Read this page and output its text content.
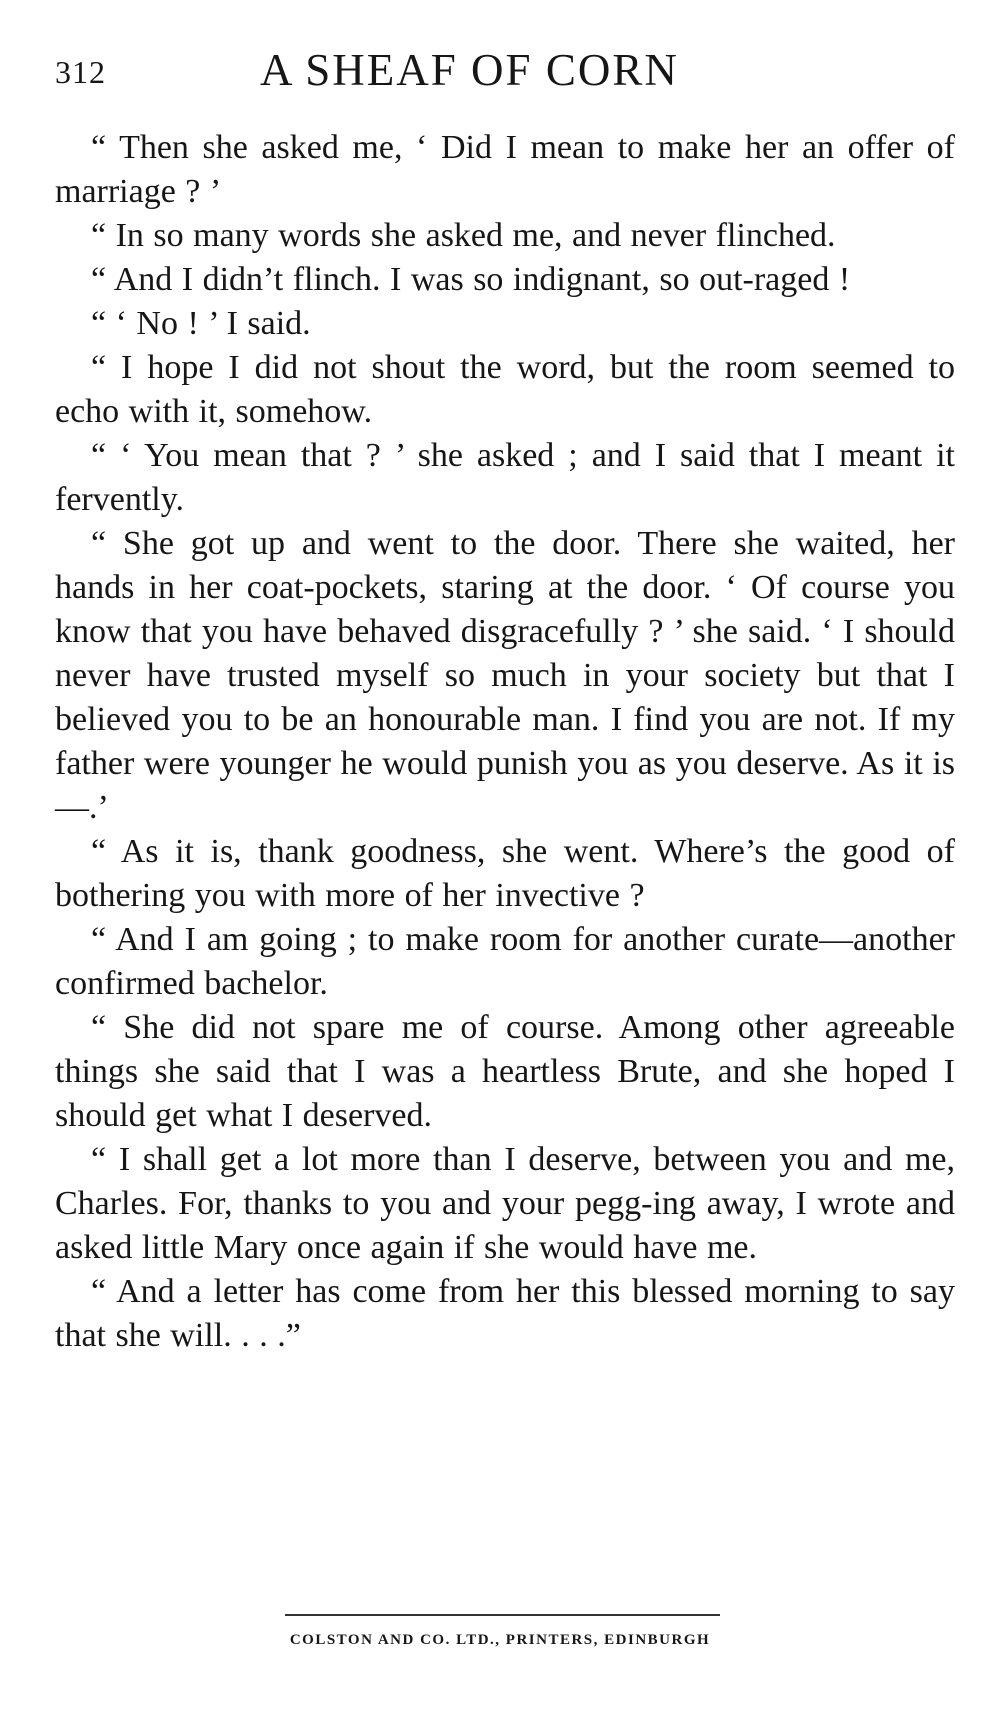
312	A SHEAF OF CORN

“ Then she asked me, ‘ Did I mean to make her an offer of marriage ? ’

“ In so many words she asked me, and never flinched.

“ And I didn’t flinch. I was so indignant, so out-raged !

“ ‘ No ! ’ I said.

“ I hope I did not shout the word, but the room seemed to echo with it, somehow.

“ ‘ You mean that ? ’ she asked ; and I said that I meant it fervently.

“ She got up and went to the door. There she waited, her hands in her coat-pockets, staring at the door. ‘ Of course you know that you have behaved disgracefully ? ’ she said. ‘ I should never have trusted myself so much in your society but that I believed you to be an honourable man. I find you are not. If my father were younger he would punish you as you deserve. As it is—.’

“ As it is, thank goodness, she went. Where’s the good of bothering you with more of her invective ?

“ And I am going ; to make room for another curate—another confirmed bachelor.

“ She did not spare me of course. Among other agreeable things she said that I was a heartless Brute, and she hoped I should get what I deserved.

“ I shall get a lot more than I deserve, between you and me, Charles. For, thanks to you and your pegg-ing away, I wrote and asked little Mary once again if she would have me.

“ And a letter has come from her this blessed morning to say that she will. . . .”

COLSTON AND CO. LTD., PRINTERS, EDINBURGH
